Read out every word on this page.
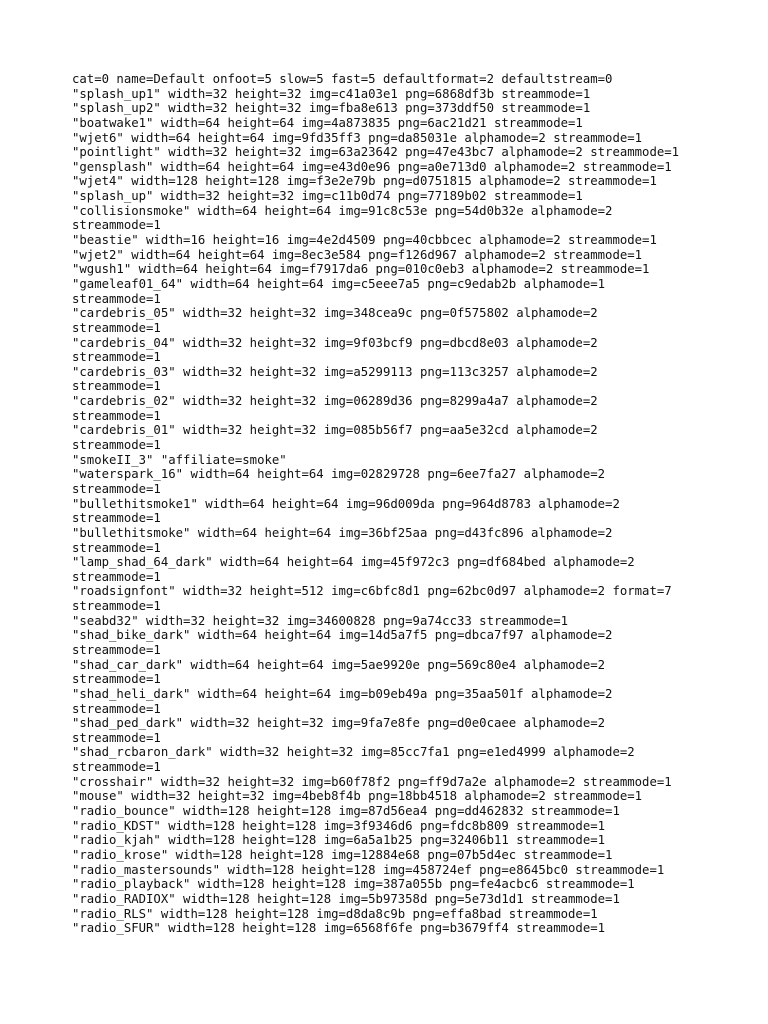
cat=0 name=Default onfoot=5 slow=5 fast=5 defaultformat=2 defaultstream=0
"splash_up1" width=32 height=32 img=c41a03e1 png=6868df3b streammode=1
"splash_up2" width=32 height=32 img=fba8e613 png=373ddf50 streammode=1
"boatwake1" width=64 height=64 img=4a873835 png=6ac21d21 streammode=1
"wjet6" width=64 height=64 img=9fd35ff3 png=da85031e alphamode=2 streammode=1
"pointlight" width=32 height=32 img=63a23642 png=47e43bc7 alphamode=2 streammode=1
"gensplash" width=64 height=64 img=e43d0e96 png=a0e713d0 alphamode=2 streammode=1
"wjet4" width=128 height=128 img=f3e2e79b png=d0751815 alphamode=2 streammode=1
"splash_up" width=32 height=32 img=c11b0d74 png=77189b02 streammode=1
"collisionsmoke" width=64 height=64 img=91c8c53e png=54d0b32e alphamode=2
streammode=1
"beastie" width=16 height=16 img=4e2d4509 png=40cbbcec alphamode=2 streammode=1
"wjet2" width=64 height=64 img=8ec3e584 png=f126d967 alphamode=2 streammode=1
"wgush1" width=64 height=64 img=f7917da6 png=010c0eb3 alphamode=2 streammode=1
"gameleaf01_64" width=64 height=64 img=c5eee7a5 png=c9edab2b alphamode=1
streammode=1
"cardebris_05" width=32 height=32 img=348cea9c png=0f575802 alphamode=2
streammode=1
"cardebris_04" width=32 height=32 img=9f03bcf9 png=dbcd8e03 alphamode=2
streammode=1
"cardebris_03" width=32 height=32 img=a5299113 png=113c3257 alphamode=2
streammode=1
"cardebris_02" width=32 height=32 img=06289d36 png=8299a4a7 alphamode=2
streammode=1
"cardebris_01" width=32 height=32 img=085b56f7 png=aa5e32cd alphamode=2
streammode=1
"smokeII_3" "affiliate=smoke"
"waterspark_16" width=64 height=64 img=02829728 png=6ee7fa27 alphamode=2
streammode=1
"bullethitsmoke1" width=64 height=64 img=96d009da png=964d8783 alphamode=2
streammode=1
"bullethitsmoke" width=64 height=64 img=36bf25aa png=d43fc896 alphamode=2
streammode=1
"lamp_shad_64_dark" width=64 height=64 img=45f972c3 png=df684bed alphamode=2
streammode=1
"roadsignfont" width=32 height=512 img=c6bfc8d1 png=62bc0d97 alphamode=2 format=7
streammode=1
"seabd32" width=32 height=32 img=34600828 png=9a74cc33 streammode=1
"shad_bike_dark" width=64 height=64 img=14d5a7f5 png=dbca7f97 alphamode=2
streammode=1
"shad_car_dark" width=64 height=64 img=5ae9920e png=569c80e4 alphamode=2
streammode=1
"shad_heli_dark" width=64 height=64 img=b09eb49a png=35aa501f alphamode=2
streammode=1
"shad_ped_dark" width=32 height=32 img=9fa7e8fe png=d0e0caee alphamode=2
streammode=1
"shad_rcbaron_dark" width=32 height=32 img=85cc7fa1 png=e1ed4999 alphamode=2
streammode=1
"crosshair" width=32 height=32 img=b60f78f2 png=ff9d7a2e alphamode=2 streammode=1
"mouse" width=32 height=32 img=4beb8f4b png=18bb4518 alphamode=2 streammode=1
"radio_bounce" width=128 height=128 img=87d56ea4 png=dd462832 streammode=1
"radio_KDST" width=128 height=128 img=3f9346d6 png=fdc8b809 streammode=1
"radio_kjah" width=128 height=128 img=6a5a1b25 png=32406b11 streammode=1
"radio_krose" width=128 height=128 img=12884e68 png=07b5d4ec streammode=1
"radio_mastersounds" width=128 height=128 img=458724ef png=e8645bc0 streammode=1
"radio_playback" width=128 height=128 img=387a055b png=fe4acbc6 streammode=1
"radio_RADIOX" width=128 height=128 img=5b97358d png=5e73d1d1 streammode=1
"radio_RLS" width=128 height=128 img=d8da8c9b png=effa8bad streammode=1
"radio_SFUR" width=128 height=128 img=6568f6fe png=b3679ff4 streammode=1
